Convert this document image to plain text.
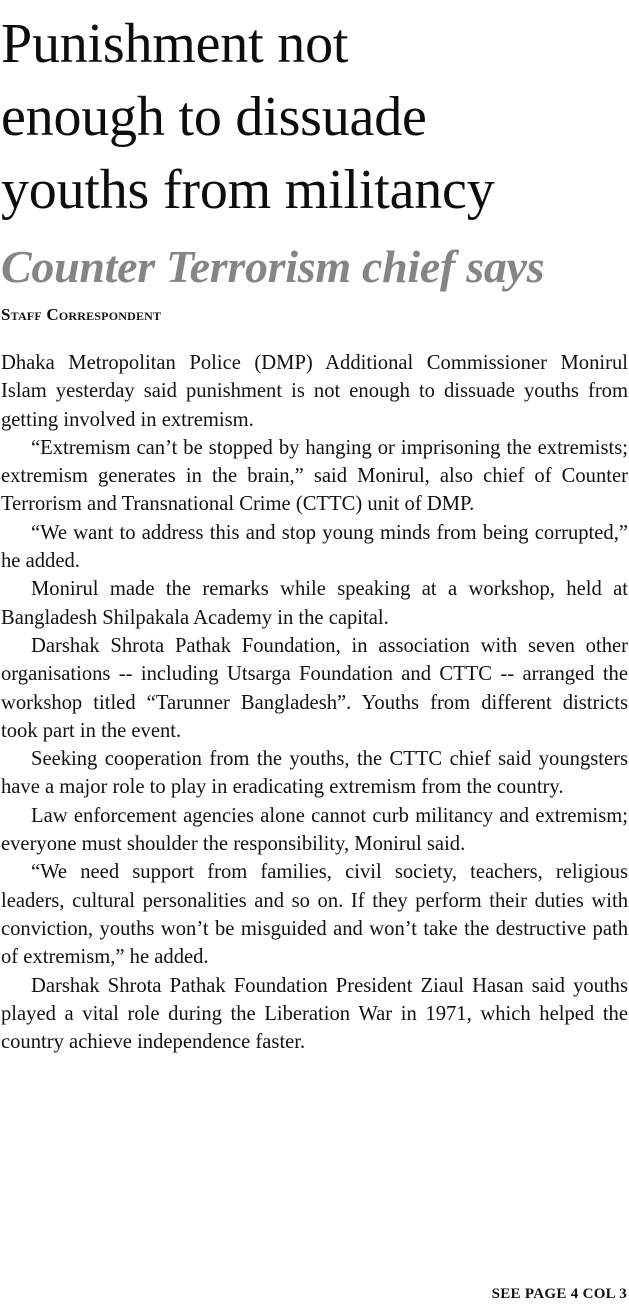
Punishment not
enough to dissuade
youths from militancy
Counter Terrorism chief says
Staff Correspondent

Dhaka Metropolitan Police (DMP) Additional Commissioner Monirul Islam yesterday said punishment is not enough to dissuade youths from getting involved in extremism.

“Extremism can’t be stopped by hanging or imprisoning the extremists; extremism generates in the brain,” said Monirul, also chief of Counter Terrorism and Transnational Crime (CTTC) unit of DMP.

“We want to address this and stop young minds from being corrupted,” he added.

Monirul made the remarks while speaking at a workshop, held at Bangladesh Shilpakala Academy in the capital.

Darshak Shrota Pathak Foundation, in association with seven other organisations -- including Utsarga Foundation and CTTC -- arranged the workshop titled “Tarunner Bangladesh”. Youths from different districts took part in the event.

Seeking cooperation from the youths, the CTTC chief said youngsters have a major role to play in eradicating extremism from the country.

Law enforcement agencies alone cannot curb militancy and extremism; everyone must shoulder the responsibility, Monirul said.

“We need support from families, civil society, teachers, religious leaders, cultural personalities and so on. If they perform their duties with conviction, youths won’t be misguided and won’t take the destructive path of extremism,” he added.

Darshak Shrota Pathak Foundation President Ziaul Hasan said youths played a vital role during the Liberation War in 1971, which helped the country achieve independence faster.

SEE PAGE 4 COL 3
